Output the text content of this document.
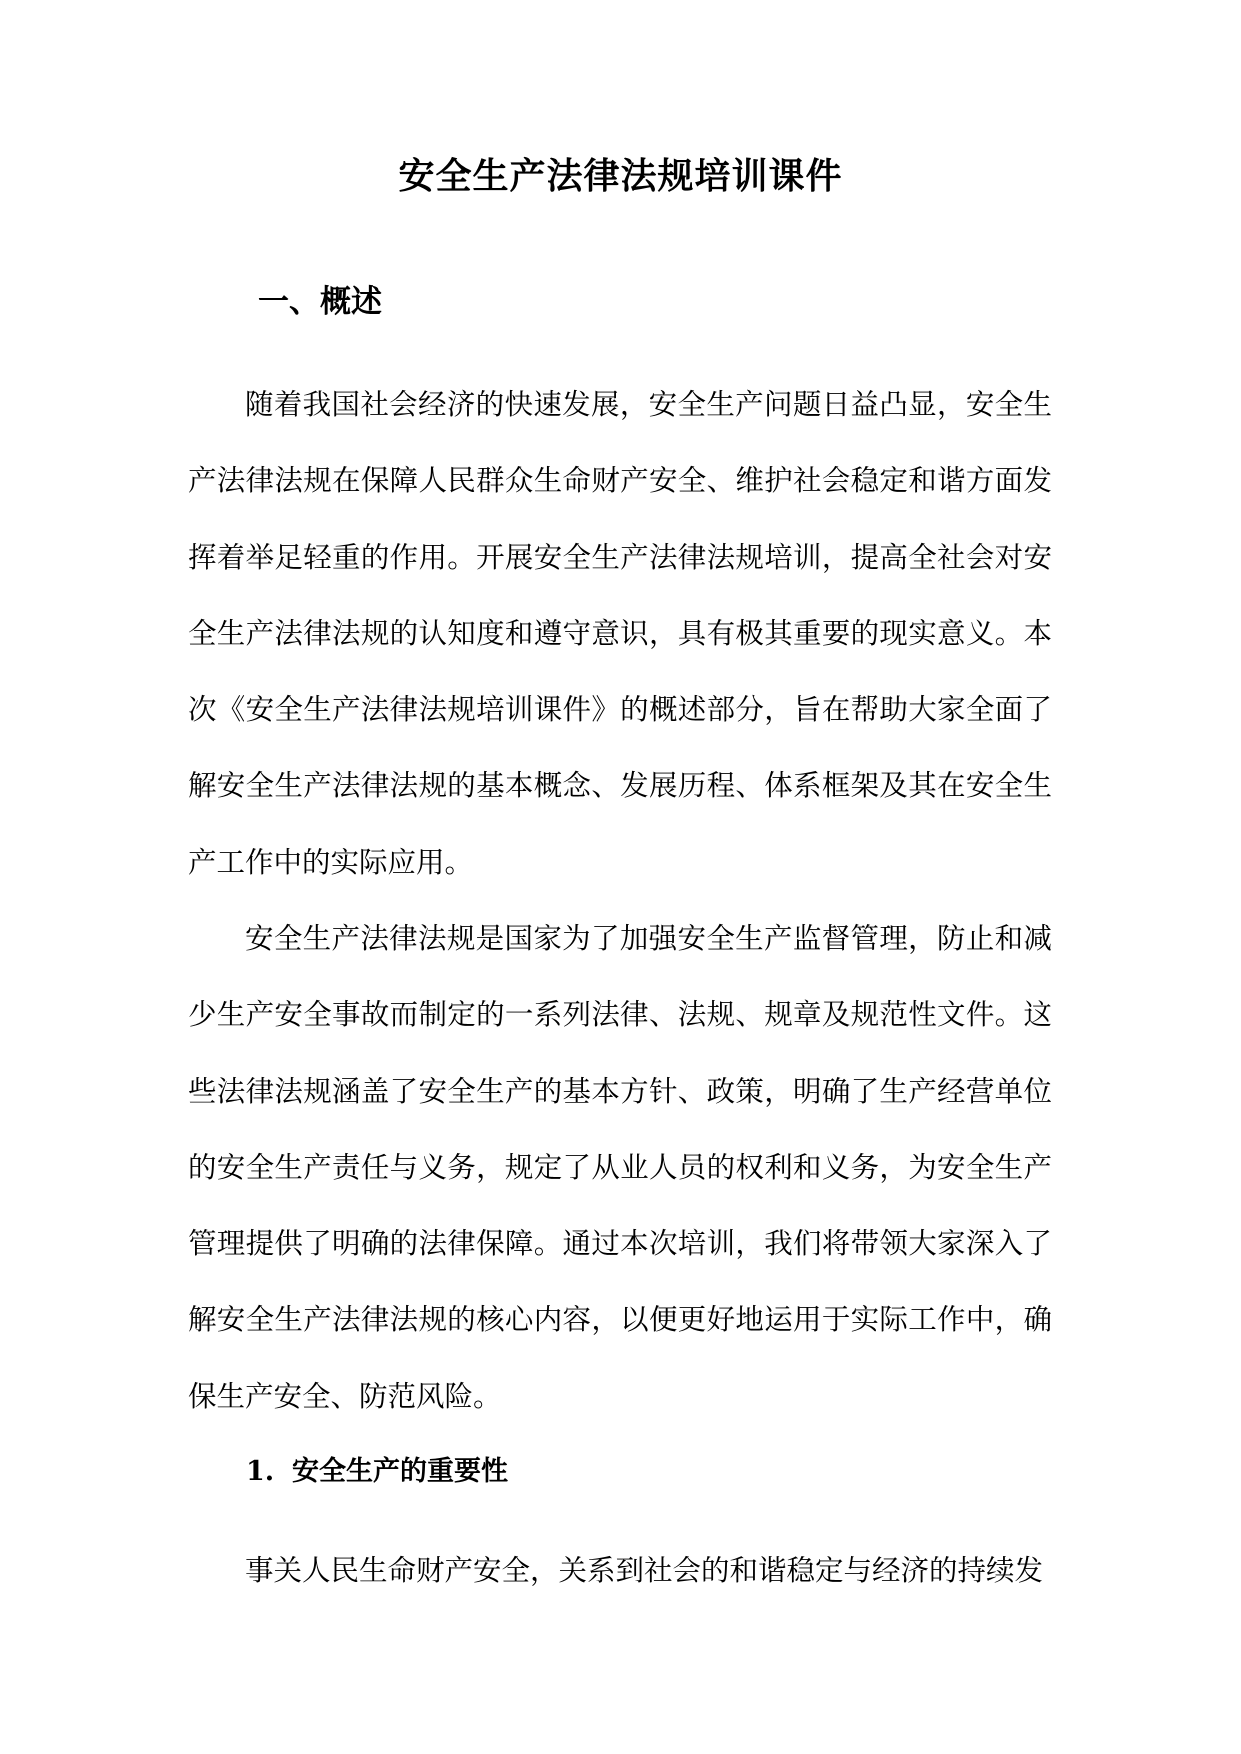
安全生产法律法规培训课件
一、概述

随着我国社会经济的快速发展，安全生产问题日益凸显，安全生产法律法规在保障人民群众生命财产安全、维护社会稳定和谐方面发挥着举足轻重的作用。开展安全生产法律法规培训，提高全社会对安全生产法律法规的认知度和遵守意识，具有极其重要的现实意义。本次《安全生产法律法规培训课件》的概述部分，旨在帮助大家全面了解安全生产法律法规的基本概念、发展历程、体系框架及其在安全生产工作中的实际应用。

安全生产法律法规是国家为了加强安全生产监督管理，防止和减少生产安全事故而制定的一系列法律、法规、规章及规范性文件。这些法律法规涵盖了安全生产的基本方针、政策，明确了生产经营单位的安全生产责任与义务，规定了从业人员的权利和义务，为安全生产管理提供了明确的法律保障。通过本次培训，我们将带领大家深入了解安全生产法律法规的核心内容，以便更好地运用于实际工作中，确保生产安全、防范风险。

1. 安全生产的重要性

事关人民生命财产安全，关系到社会的和谐稳定与经济的持续发
